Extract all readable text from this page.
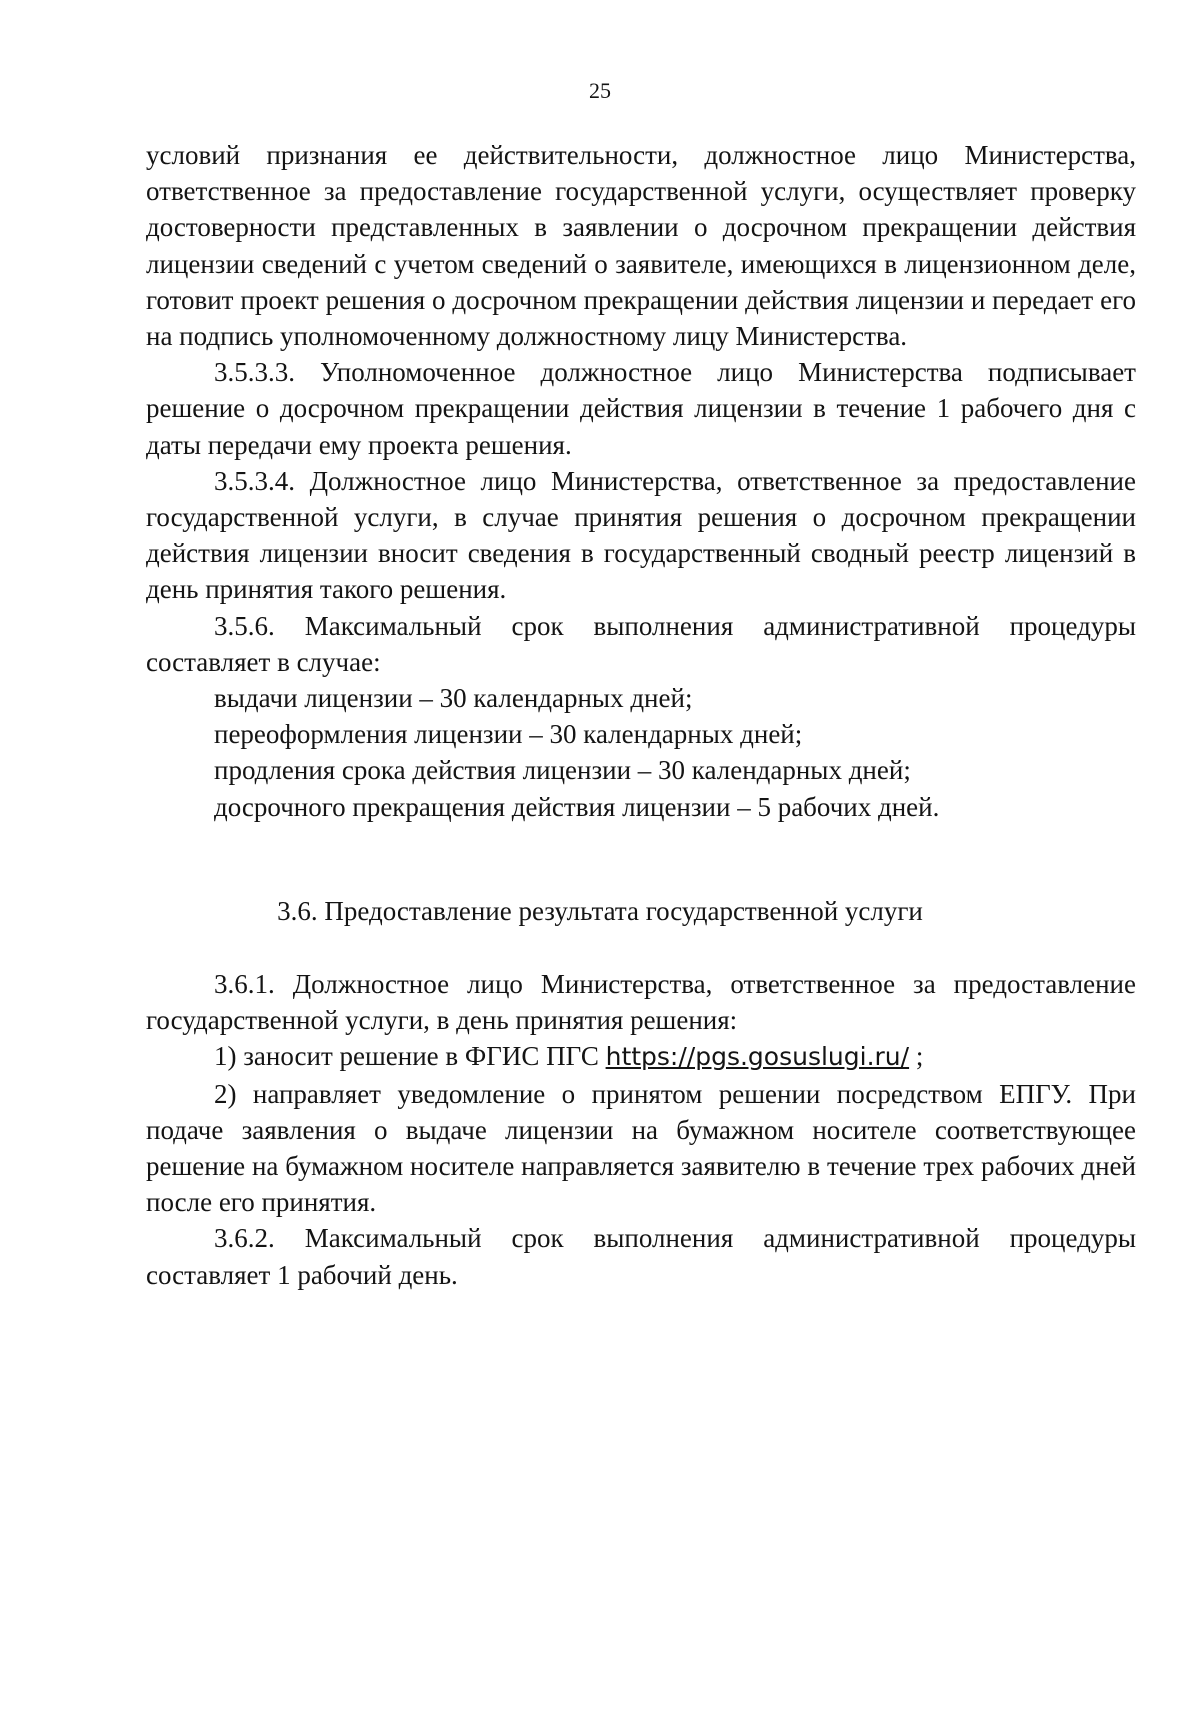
25

условий признания ее действительности, должностное лицо Министерства, ответственное за предоставление государственной услуги, осуществляет проверку достоверности представленных в заявлении о досрочном прекращении действия лицензии сведений с учетом сведений о заявителе, имеющихся в лицензионном деле, готовит проект решения о досрочном прекращении действия лицензии и передает его на подпись уполномоченному должностному лицу Министерства.

3.5.3.3. Уполномоченное должностное лицо Министерства подписывает решение о досрочном прекращении действия лицензии в течение 1 рабочего дня с даты передачи ему проекта решения.

3.5.3.4. Должностное лицо Министерства, ответственное за предоставление государственной услуги, в случае принятия решения о досрочном прекращении действия лицензии вносит сведения в государственный сводный реестр лицензий в день принятия такого решения.

3.5.6. Максимальный срок выполнения административной процедуры составляет в случае:

выдачи лицензии – 30 календарных дней;
переоформления лицензии – 30 календарных дней;
продления срока действия лицензии – 30 календарных дней;
досрочного прекращения действия лицензии – 5 рабочих дней.
3.6. Предоставление результата государственной услуги

3.6.1. Должностное лицо Министерства, ответственное за предоставление государственной услуги, в день принятия решения:

1) заносит решение в ФГИС ПГС https://pgs.gosuslugi.ru/ ;

2) направляет уведомление о принятом решении посредством ЕПГУ. При подаче заявления о выдаче лицензии на бумажном носителе соответствующее решение на бумажном носителе направляется заявителю в течение трех рабочих дней после его принятия.

3.6.2. Максимальный срок выполнения административной процедуры составляет 1 рабочий день.
